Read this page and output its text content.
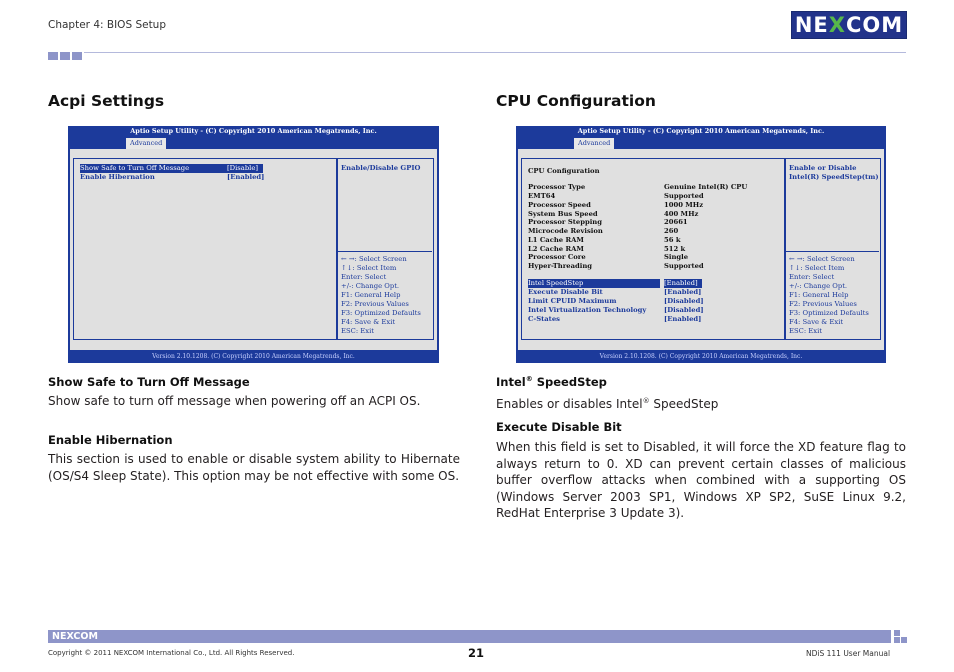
Chapter 4: BIOS Setup	NE X COM
Acpi Settings
Aptio Setup Utility - (C) Copyright 2010 American Megatrends, Inc.
Advanced
Show Safe to Turn Off Message	[Disable]
Enable Hibernation	[Enabled]
Enable/Disable GPIO
← →: Select Screen
↑↓: Select Item
Enter: Select
+/-: Change Opt.
F1: General Help
F2: Previous Values
F3: Optimized Defaults
F4: Save & Exit
ESC: Exit
Version 2.10.1208. (C) Copyright 2010 American Megatrends, Inc.
Show Safe to Turn Off Message
Show safe to turn off message when powering off an ACPI OS.
Enable Hibernation
This section is used to enable or disable system ability to Hibernate (OS/S4 Sleep State). This option may be not effective with some OS.
CPU Configuration
Aptio Setup Utility - (C) Copyright 2010 American Megatrends, Inc.
Advanced
CPU Configuration
Processor Type	Genuine Intel(R) CPU
EMT64	Supported
Processor Speed	1000 MHz
System Bus Speed	400 MHz
Processor Stepping	20661
Microcode Revision	260
L1 Cache RAM	56 k
L2 Cache RAM	512 k
Processor Core	Single
Hyper-Threading	Supported
Intel SpeedStep	[Enabled]
Execute Disable Bit	[Enabled]
Limit CPUID Maximum	[Disabled]
Intel Virtualization Technology	[Disabled]
C-States	[Enabled]
Enable or Disable
Intel(R) SpeedStep(tm)
← →: Select Screen
↑↓: Select Item
Enter: Select
+/-: Change Opt.
F1: General Help
F2: Previous Values
F3: Optimized Defaults
F4: Save & Exit
ESC: Exit
Version 2.10.1208. (C) Copyright 2010 American Megatrends, Inc.
Intel® SpeedStep
Enables or disables Intel® SpeedStep
Execute Disable Bit
When this field is set to Disabled, it will force the XD feature flag to always return to 0. XD can prevent certain classes of malicious buffer overflow attacks when combined with a supporting OS (Windows Server 2003 SP1, Windows XP SP2, SuSE Linux 9.2, RedHat Enterprise 3 Update 3).
NEXCOM
Copyright © 2011 NEXCOM International Co., Ltd. All Rights Reserved.	21	NDiS 111 User Manual
